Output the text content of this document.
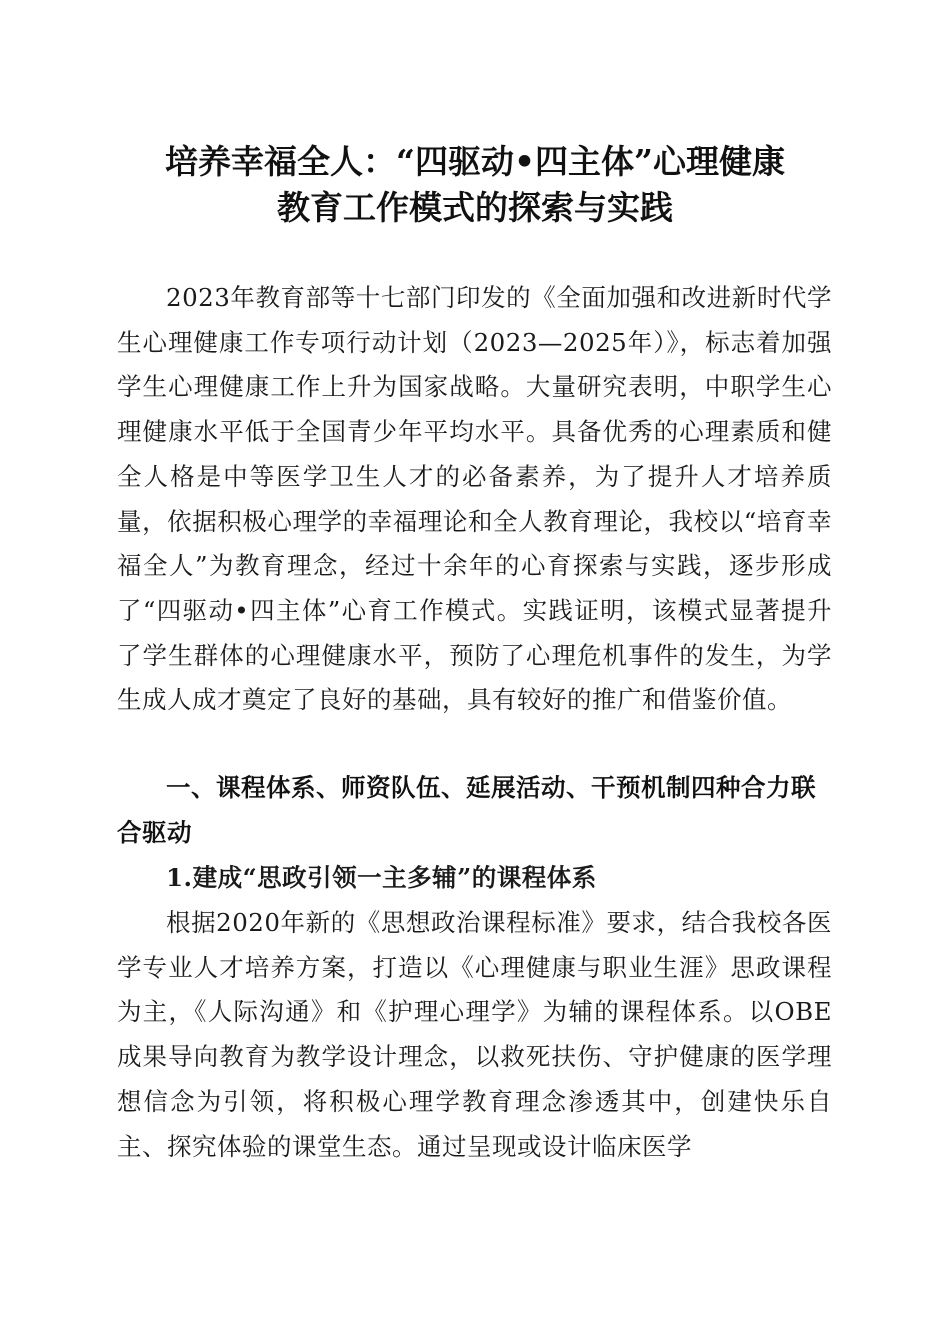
培养幸福全人：“四驱动•四主体”心理健康
教育工作模式的探索与实践

2023年教育部等十七部门印发的《全面加强和改进新时代学生心理健康工作专项行动计划（2023—2025年）》，标志着加强学生心理健康工作上升为国家战略。大量研究表明，中职学生心理健康水平低于全国青少年平均水平。具备优秀的心理素质和健全人格是中等医学卫生人才的必备素养，为了提升人才培养质量，依据积极心理学的幸福理论和全人教育理论，我校以“培育幸福全人”为教育理念，经过十余年的心育探索与实践，逐步形成了“四驱动•四主体”心育工作模式。实践证明，该模式显著提升了学生群体的心理健康水平，预防了心理危机事件的发生，为学生成人成才奠定了良好的基础，具有较好的推广和借鉴价值。

一、课程体系、师资队伍、延展活动、干预机制四种合力联合驱动
1.建成“思政引领一主多辅”的课程体系

根据2020年新的《思想政治课程标准》要求，结合我校各医学专业人才培养方案，打造以《心理健康与职业生涯》思政课程为主，《人际沟通》和《护理心理学》为辅的课程体系。以OBE成果导向教育为教学设计理念，以救死扶伤、守护健康的医学理想信念为引领，将积极心理学教育理念渗透其中，创建快乐自主、探究体验的课堂生态。通过呈现或设计临床医学
